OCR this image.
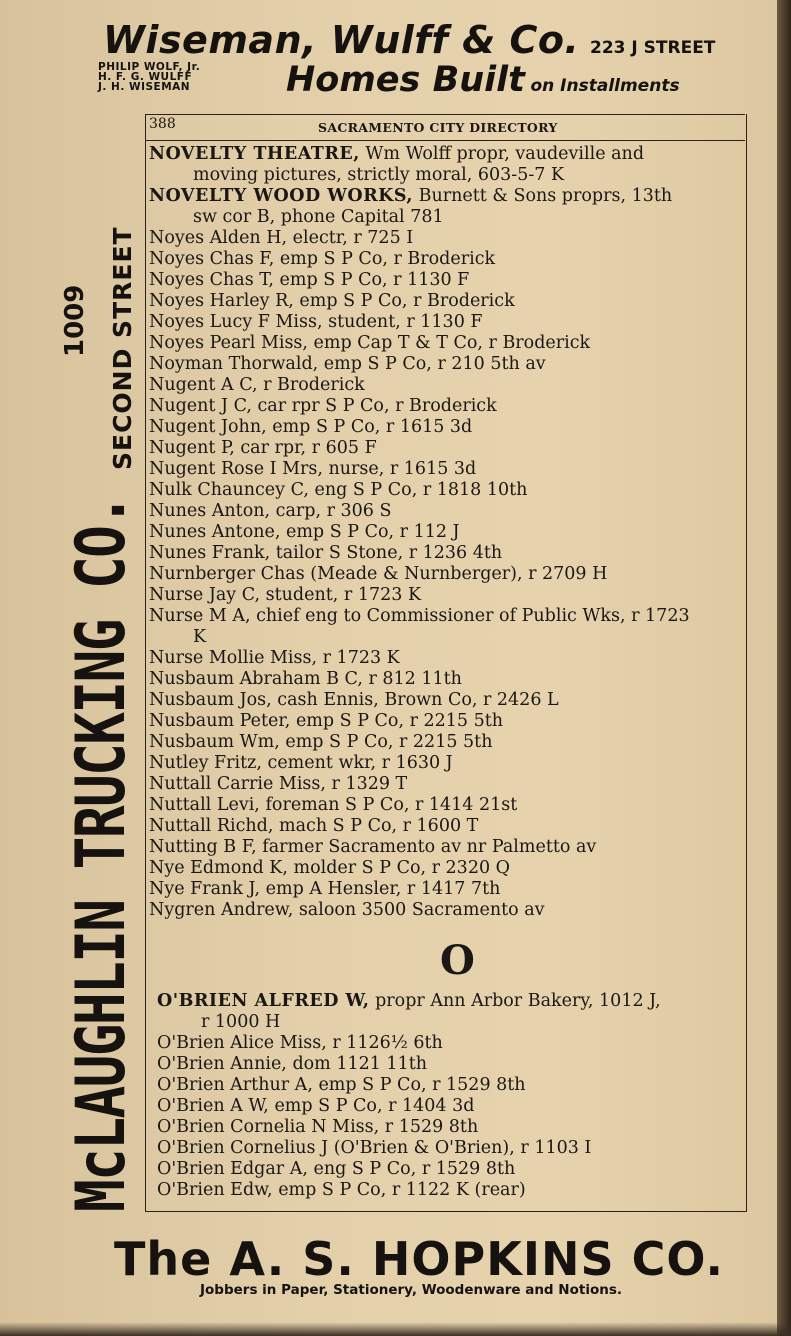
Wiseman, Wulff & Co. 223 J STREET
PHILIP WOLF, Jr.
H. F. G. WULFF
J. H. WISEMAN	Homes Built on Installments
McLAUGHLIN TRUCKING CO.
SECOND STREET
1009
388	SACRAMENTO CITY DIRECTORY
NOVELTY THEATRE, Wm Wolff propr, vaudeville and
moving pictures, strictly moral, 603-5-7 K
NOVELTY WOOD WORKS, Burnett & Sons proprs, 13th
sw cor B, phone Capital 781
Noyes Alden H, electr, r 725 I
Noyes Chas F, emp S P Co, r Broderick
Noyes Chas T, emp S P Co, r 1130 F
Noyes Harley R, emp S P Co, r Broderick
Noyes Lucy F Miss, student, r 1130 F
Noyes Pearl Miss, emp Cap T & T Co, r Broderick
Noyman Thorwald, emp S P Co, r 210 5th av
Nugent A C, r Broderick
Nugent J C, car rpr S P Co, r Broderick
Nugent John, emp S P Co, r 1615 3d
Nugent P, car rpr, r 605 F
Nugent Rose I Mrs, nurse, r 1615 3d
Nulk Chauncey C, eng S P Co, r 1818 10th
Nunes Anton, carp, r 306 S
Nunes Antone, emp S P Co, r 112 J
Nunes Frank, tailor S Stone, r 1236 4th
Nurnberger Chas (Meade & Nurnberger), r 2709 H
Nurse Jay C, student, r 1723 K
Nurse M A, chief eng to Commissioner of Public Wks, r 1723
K
Nurse Mollie Miss, r 1723 K
Nusbaum Abraham B C, r 812 11th
Nusbaum Jos, cash Ennis, Brown Co, r 2426 L
Nusbaum Peter, emp S P Co, r 2215 5th
Nusbaum Wm, emp S P Co, r 2215 5th
Nutley Fritz, cement wkr, r 1630 J
Nuttall Carrie Miss, r 1329 T
Nuttall Levi, foreman S P Co, r 1414 21st
Nuttall Richd, mach S P Co, r 1600 T
Nutting B F, farmer Sacramento av nr Palmetto av
Nye Edmond K, molder S P Co, r 2320 Q
Nye Frank J, emp A Hensler, r 1417 7th
Nygren Andrew, saloon 3500 Sacramento av
O
O'BRIEN ALFRED W, propr Ann Arbor Bakery, 1012 J,
r 1000 H
O'Brien Alice Miss, r 1126½ 6th
O'Brien Annie, dom 1121 11th
O'Brien Arthur A, emp S P Co, r 1529 8th
O'Brien A W, emp S P Co, r 1404 3d
O'Brien Cornelia N Miss, r 1529 8th
O'Brien Cornelius J (O'Brien & O'Brien), r 1103 I
O'Brien Edgar A, eng S P Co, r 1529 8th
O'Brien Edw, emp S P Co, r 1122 K (rear)
The A. S. HOPKINS CO.
Jobbers in Paper, Stationery, Woodenware and Notions.
